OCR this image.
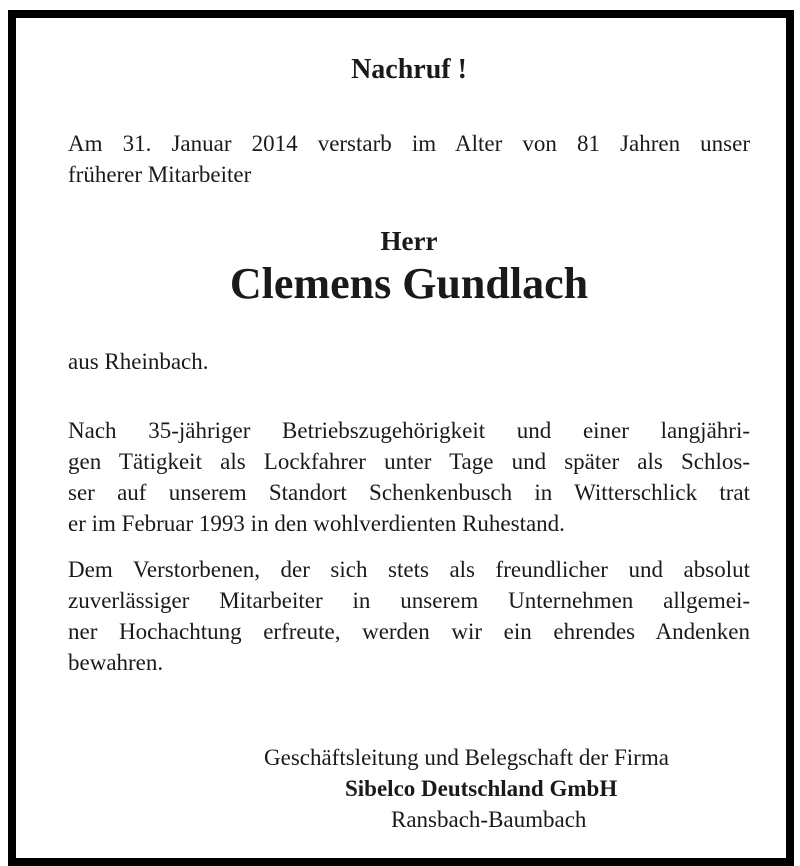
Nachruf !
Am 31. Januar 2014 verstarb im Alter von 81 Jahren unser
früherer Mitarbeiter

Herr

Clemens Gundlach

aus Rheinbach.

Nach 35-jähriger Betriebszugehörigkeit und einer langjähri-
gen Tätigkeit als Lockfahrer unter Tage und später als Schlos-
ser auf unserem Standort Schenkenbusch in Witterschlick trat
er im Februar 1993 in den wohlverdienten Ruhestand.
Dem Verstorbenen, der sich stets als freundlicher und absolut
zuverlässiger Mitarbeiter in unserem Unternehmen allgemei-
ner Hochachtung erfreute, werden wir ein ehrendes Andenken
bewahren.

Geschäftsleitung und Belegschaft der Firma

Sibelco Deutschland GmbH

Ransbach-Baumbach
